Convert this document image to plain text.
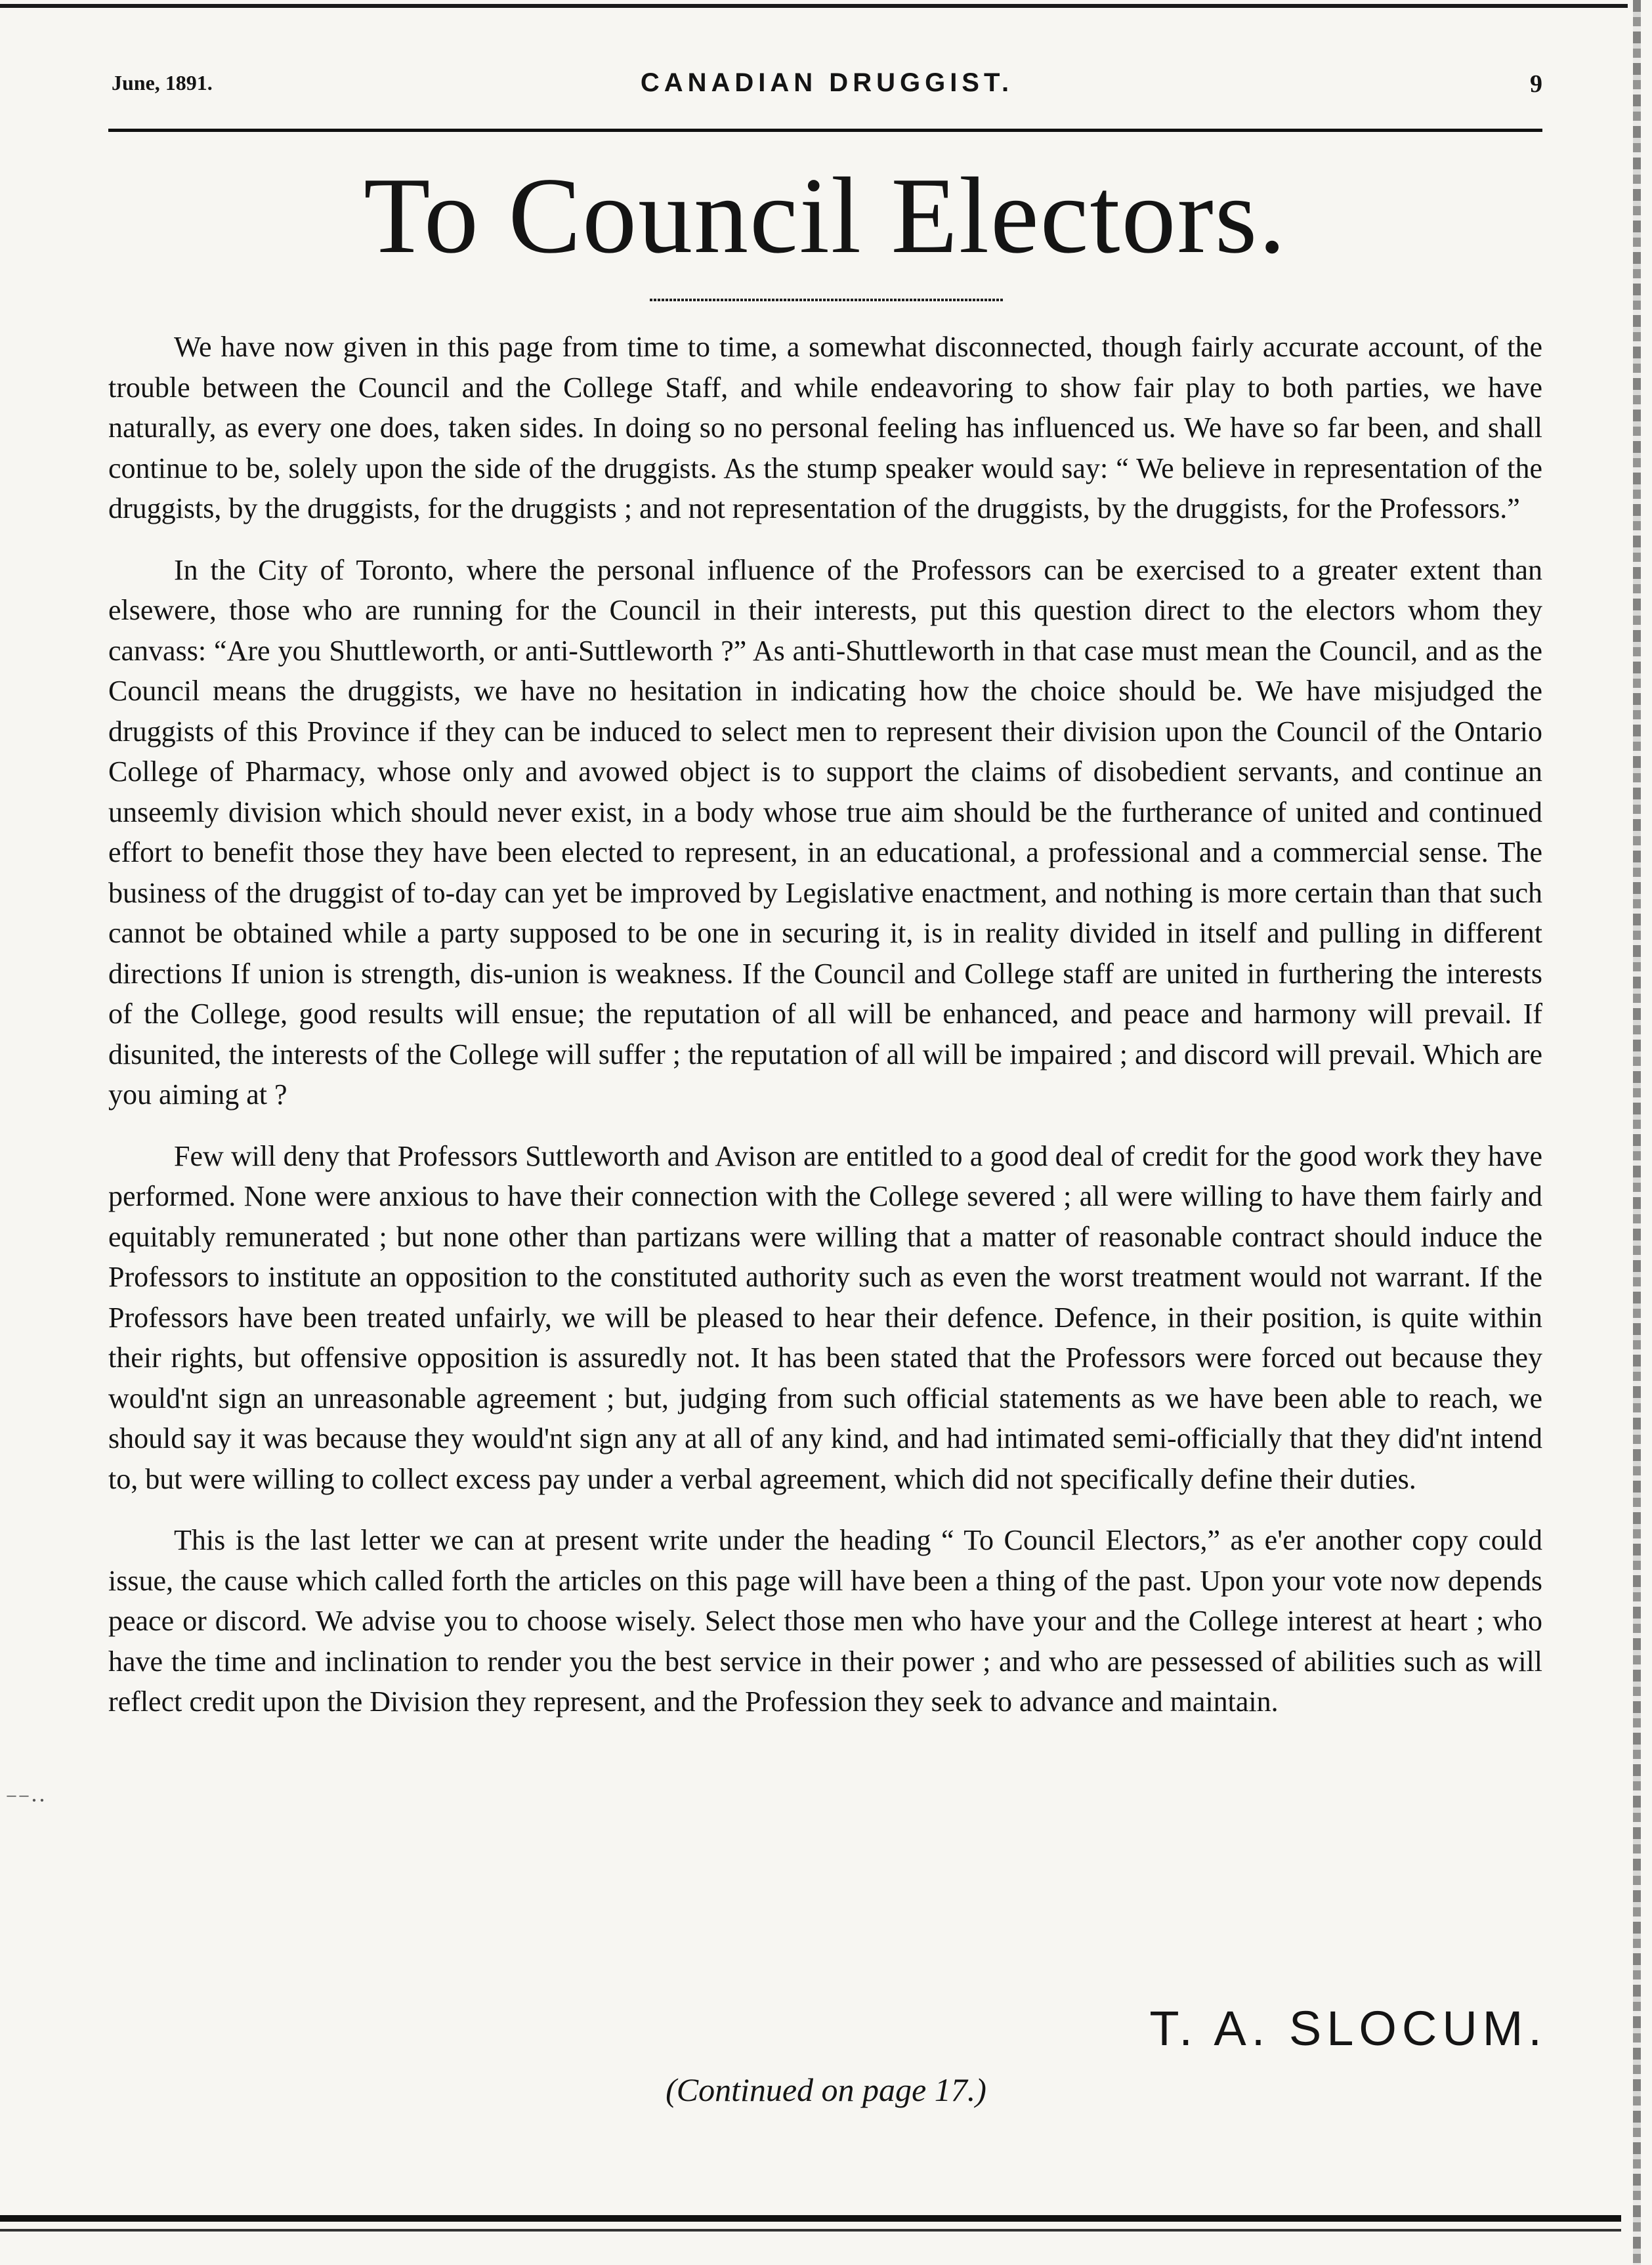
June, 1891.	CANADIAN DRUGGIST.	9
To Council Electors.

We have now given in this page from time to time, a somewhat disconnected, though fairly accurate account, of the trouble between the Council and the College Staff, and while endeavoring to show fair play to both parties, we have naturally, as every one does, taken sides. In doing so no personal feeling has influenced us. We have so far been, and shall continue to be, solely upon the side of the druggists. As the stump speaker would say: “ We believe in representation of the druggists, by the druggists, for the druggists ; and not representation of the druggists, by the druggists, for the Professors.”

In the City of Toronto, where the personal influence of the Professors can be exercised to a greater extent than elsewere, those who are running for the Council in their interests, put this question direct to the electors whom they canvass: “Are you Shuttleworth, or anti-Suttleworth ?” As anti-Shuttleworth in that case must mean the Council, and as the Council means the druggists, we have no hesitation in indicating how the choice should be. We have misjudged the druggists of this Province if they can be induced to select men to represent their division upon the Council of the Ontario College of Pharmacy, whose only and avowed object is to support the claims of disobedient servants, and continue an unseemly division which should never exist, in a body whose true aim should be the furtherance of united and continued effort to benefit those they have been elected to represent, in an educational, a professional and a commercial sense. The business of the druggist of to-day can yet be improved by Legislative enactment, and nothing is more certain than that such cannot be obtained while a party supposed to be one in securing it, is in reality divided in itself and pulling in different directions If union is strength, dis-union is weakness. If the Council and College staff are united in furthering the interests of the College, good results will ensue; the reputation of all will be enhanced, and peace and harmony will prevail. If disunited, the interests of the College will suffer ; the reputation of all will be impaired ; and discord will prevail. Which are you aiming at ?

Few will deny that Professors Suttleworth and Avison are entitled to a good deal of credit for the good work they have performed. None were anxious to have their connection with the College severed ; all were willing to have them fairly and equitably remunerated ; but none other than partizans were willing that a matter of reasonable contract should induce the Professors to institute an opposition to the constituted authority such as even the worst treatment would not warrant. If the Professors have been treated unfairly, we will be pleased to hear their defence. Defence, in their position, is quite within their rights, but offensive opposition is assuredly not. It has been stated that the Professors were forced out because they would'nt sign an unreasonable agreement ; but, judging from such official statements as we have been able to reach, we should say it was because they would'nt sign any at all of any kind, and had intimated semi-officially that they did'nt intend to, but were willing to collect excess pay under a verbal agreement, which did not specifically define their duties.

This is the last letter we can at present write under the heading “ To Council Electors,” as e'er another copy could issue, the cause which called forth the articles on this page will have been a thing of the past. Upon your vote now depends peace or discord. We advise you to choose wisely. Select those men who have your and the College interest at heart ; who have the time and inclination to render you the best service in their power ; and who are pessessed of abilities such as will reflect credit upon the Division they represent, and the Profession they seek to advance and maintain.

⁻⁻··
T. A. SLOCUM.
(Continued on page 17.)
